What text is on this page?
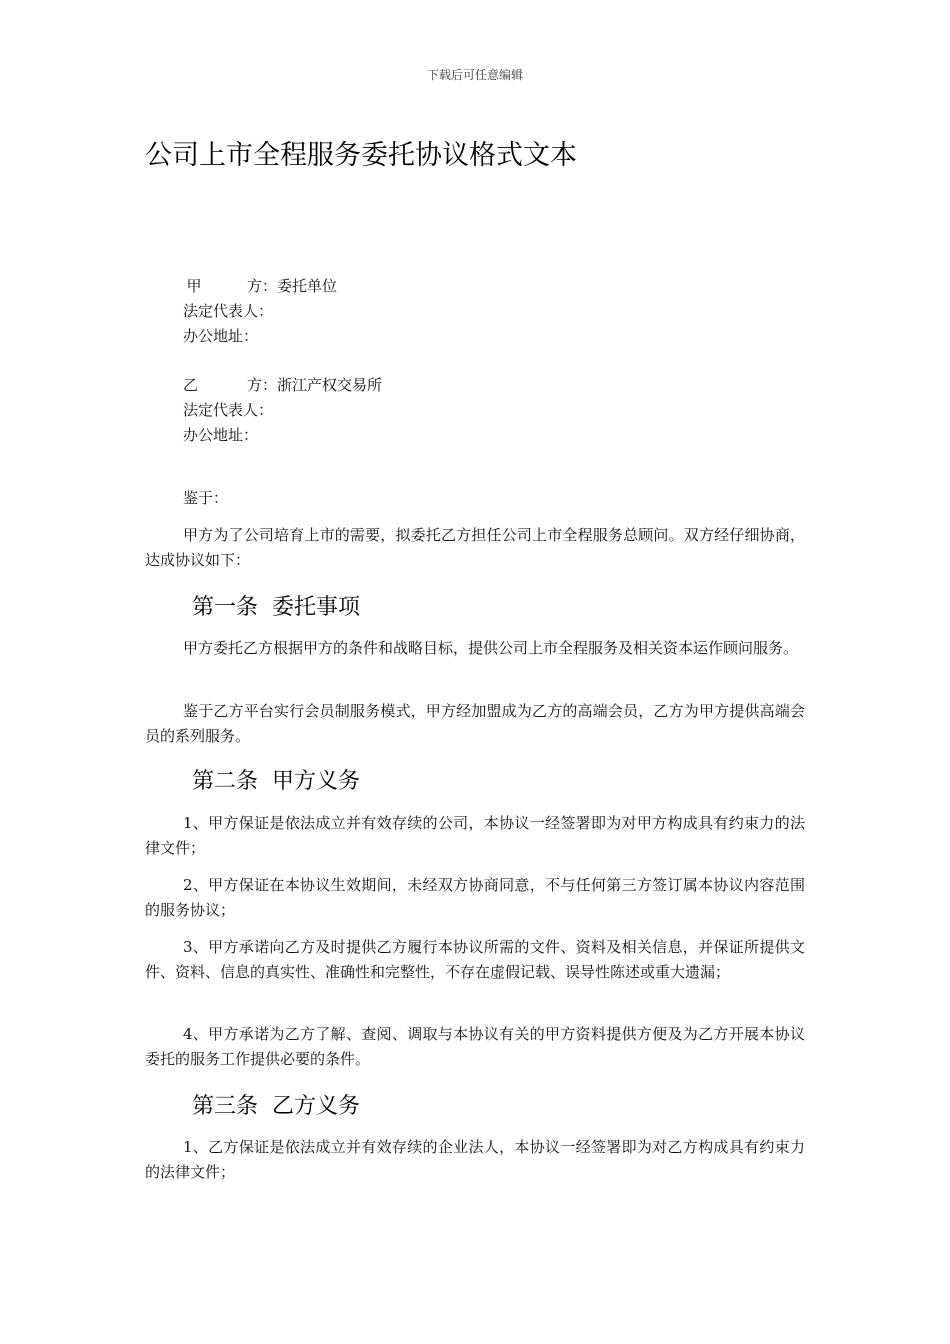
下载后可任意编辑
公司上市全程服务委托协议格式文本
甲	方： 委托单位
法定代表人：
办公地址：
乙	方： 浙江产权交易所
法定代表人：
办公地址：

鉴于：

甲方为了公司培育上市的需要，拟委托乙方担任公司上市全程服务总顾问。双方经仔细协商，达成协议如下：

第一条 委托事项

甲方委托乙方根据甲方的条件和战略目标，提供公司上市全程服务及相关资本运作顾问服务。

鉴于乙方平台实行会员制服务模式，甲方经加盟成为乙方的高端会员，乙方为甲方提供高端会员的系列服务。

第二条 甲方义务

1、甲方保证是依法成立并有效存续的公司，本协议一经签署即为对甲方构成具有约束力的法律文件；

2、甲方保证在本协议生效期间，未经双方协商同意，不与任何第三方签订属本协议内容范围的服务协议；

3、甲方承诺向乙方及时提供乙方履行本协议所需的文件、资料及相关信息，并保证所提供文件、资料、信息的真实性、准确性和完整性，不存在虚假记载、误导性陈述或重大遗漏；

4、甲方承诺为乙方了解、查阅、调取与本协议有关的甲方资料提供方便及为乙方开展本协议委托的服务工作提供必要的条件。

第三条 乙方义务

1、乙方保证是依法成立并有效存续的企业法人，本协议一经签署即为对乙方构成具有约束力的法律文件；
